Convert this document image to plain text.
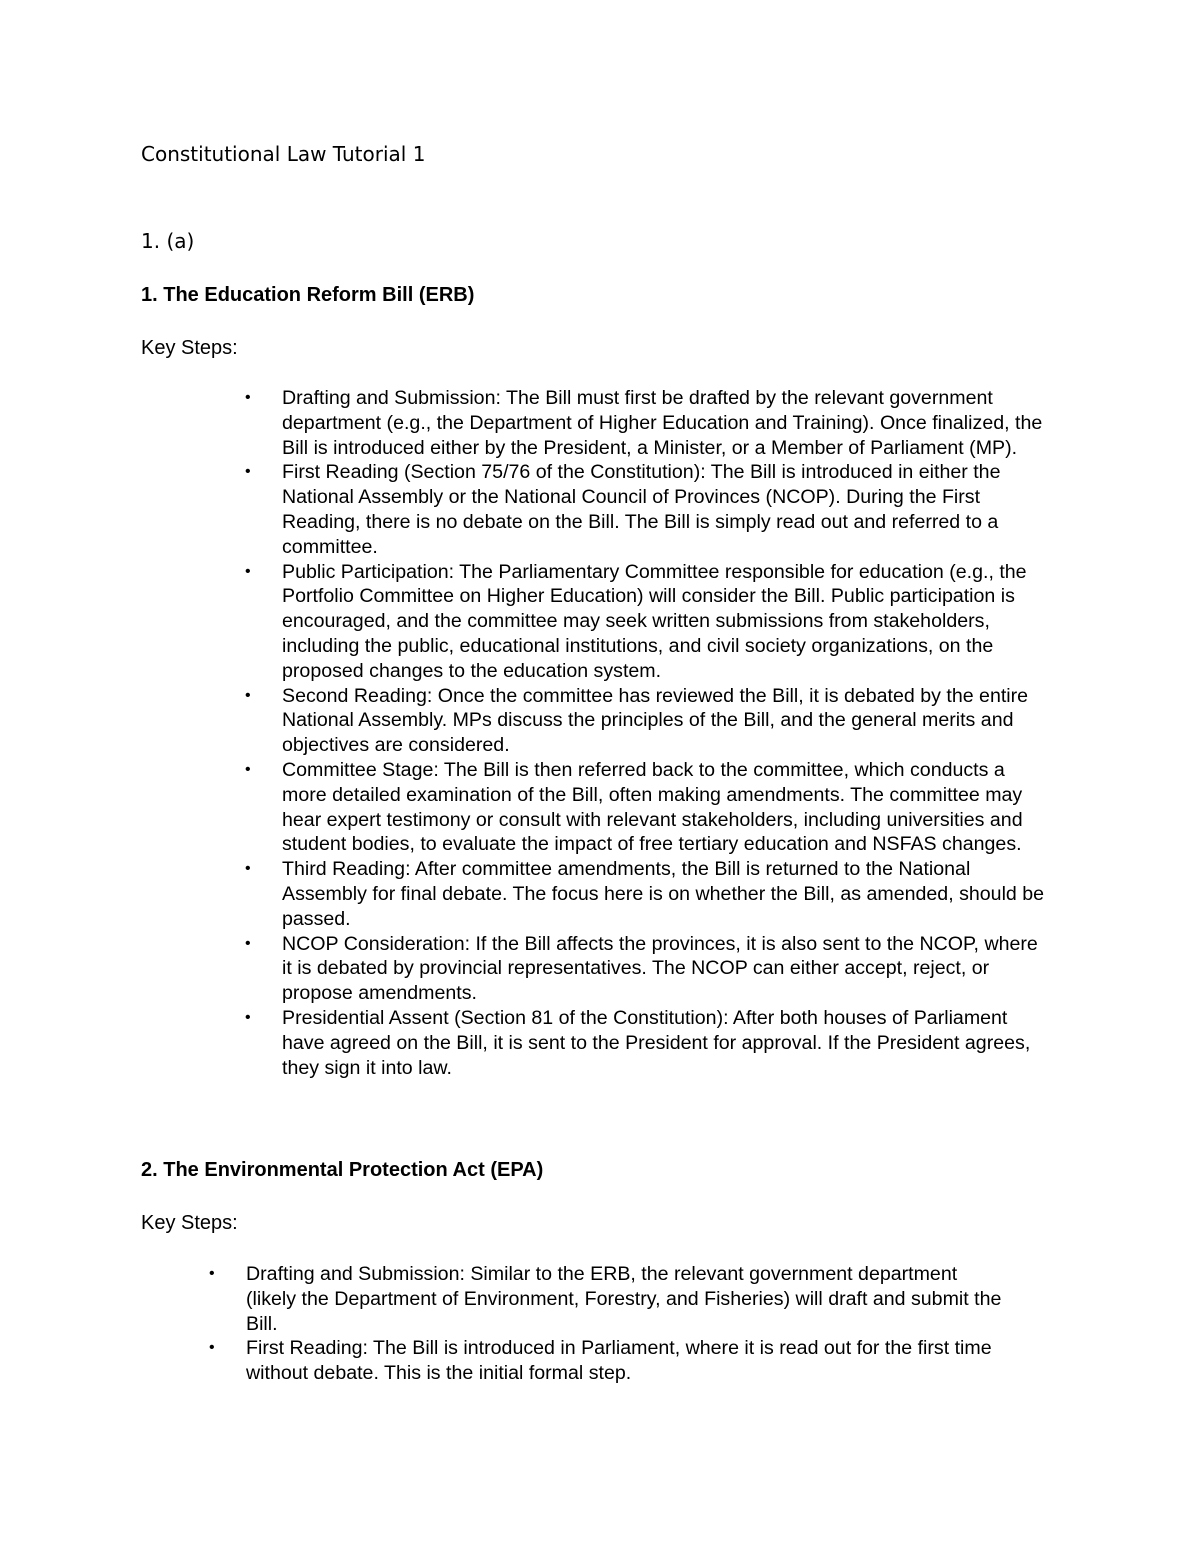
Constitutional Law Tutorial 1
1. (a)
1. The Education Reform Bill (ERB)
Key Steps:
• Drafting and Submission: The Bill must first be drafted by the relevant government department (e.g., the Department of Higher Education and Training). Once finalized, the Bill is introduced either by the President, a Minister, or a Member of Parliament (MP).
• First Reading (Section 75/76 of the Constitution): The Bill is introduced in either the National Assembly or the National Council of Provinces (NCOP). During the First Reading, there is no debate on the Bill. The Bill is simply read out and referred to a committee.
• Public Participation: The Parliamentary Committee responsible for education (e.g., the Portfolio Committee on Higher Education) will consider the Bill. Public participation is encouraged, and the committee may seek written submissions from stakeholders, including the public, educational institutions, and civil society organizations, on the proposed changes to the education system.
• Second Reading: Once the committee has reviewed the Bill, it is debated by the entire National Assembly. MPs discuss the principles of the Bill, and the general merits and objectives are considered.
• Committee Stage: The Bill is then referred back to the committee, which conducts a more detailed examination of the Bill, often making amendments. The committee may hear expert testimony or consult with relevant stakeholders, including universities and student bodies, to evaluate the impact of free tertiary education and NSFAS changes.
• Third Reading: After committee amendments, the Bill is returned to the National Assembly for final debate. The focus here is on whether the Bill, as amended, should be passed.
• NCOP Consideration: If the Bill affects the provinces, it is also sent to the NCOP, where it is debated by provincial representatives. The NCOP can either accept, reject, or propose amendments.
• Presidential Assent (Section 81 of the Constitution): After both houses of Parliament have agreed on the Bill, it is sent to the President for approval. If the President agrees, they sign it into law.
2. The Environmental Protection Act (EPA)
Key Steps:
• Drafting and Submission: Similar to the ERB, the relevant government department (likely the Department of Environment, Forestry, and Fisheries) will draft and submit the Bill.
• First Reading: The Bill is introduced in Parliament, where it is read out for the first time without debate. This is the initial formal step.
